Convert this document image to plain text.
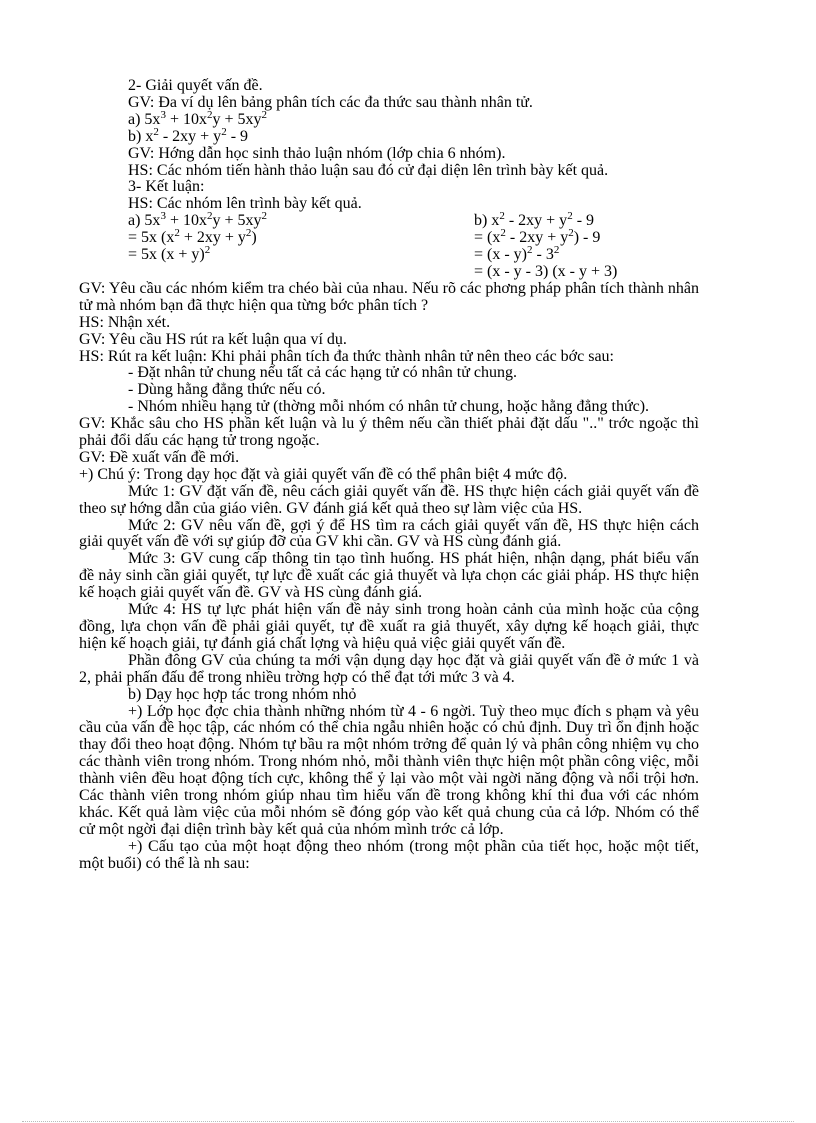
2- Giải quyết vấn đề.

GV: Đa ví dụ lên bảng phân tích các đa thức sau thành nhân tử.

a) $5x^3 + 10x^2y + 5xy^2$

b) $x^2 - 2xy + y^2 - 9$

GV: Hớng dẫn học sinh thảo luận nhóm (lớp chia 6 nhóm).

HS: Các nhóm tiến hành thảo luận sau đó cử đại diện lên trình bày kết quả.

3- Kết luận:

HS: Các nhóm lên trình bày kết quả.

a) $5x^3 + 10x^2y + 5xy^2$
= 5x $(x^2 + 2xy + y^2)$
= 5x $(x + y)^2$
b) $x^2 - 2xy + y^2 - 9$
= $(x^2 - 2xy + y^2) - 9$
= $(x - y)^2 - 3^2$
= (x - y - 3) (x - y + 3)

GV: Yêu cầu các nhóm kiểm tra chéo bài của nhau. Nếu rõ các phơng pháp phân tích thành nhân tử mà nhóm bạn đã thực hiện qua từng bớc phân tích ?

HS: Nhận xét.

GV: Yêu cầu HS rút ra kết luận qua ví dụ.

HS: Rút ra kết luận: Khi phải phân tích đa thức thành nhân tử nên theo các bớc sau:

- Đặt nhân tử chung nếu tất cả các hạng tử có nhân tử chung.

- Dùng hằng đẳng thức nếu có.

- Nhóm nhiều hạng tử (thờng mỗi nhóm có nhân tử chung, hoặc hằng đẳng thức).

GV: Khắc sâu cho HS phần kết luận và lu ý thêm nếu cần thiết phải đặt dấu ".." trớc ngoặc thì phải đổi dấu các hạng tử trong ngoặc.

GV: Đề xuất vấn đề mới.

+) Chú ý: Trong dạy học đặt và giải quyết vấn đề có thể phân biệt 4 mức độ.

Mức 1: GV đặt vấn đề, nêu cách giải quyết vấn đề. HS thực hiện cách giải quyết vấn đề theo sự hớng dẫn của giáo viên. GV đánh giá kết quả theo sự làm việc của HS.

Mức 2: GV nêu vấn đề, gợi ý để HS tìm ra cách giải quyết vấn đề, HS thực hiện cách giải quyết vấn đề với sự giúp đỡ của GV khi cần. GV và HS cùng đánh giá.

Mức 3: GV cung cấp thông tin tạo tình huống. HS phát hiện, nhận dạng, phát biểu vấn đề nảy sinh cần giải quyết, tự lực đề xuất các giả thuyết và lựa chọn các giải pháp. HS thực hiện kế hoạch giải quyết vấn đề. GV và HS cùng đánh giá.

Mức 4: HS tự lực phát hiện vấn đề nảy sinh trong hoàn cảnh của mình hoặc của cộng đồng, lựa chọn vấn đề phải giải quyết, tự đề xuất ra giả thuyết, xây dựng kế hoạch giải, thực hiện kế hoạch giải, tự đánh giá chất lợng và hiệu quả việc giải quyết vấn đề.

Phần đông GV của chúng ta mới vận dụng dạy học đặt và giải quyết vấn đề ở mức 1 và 2, phải phấn đấu để trong nhiều trờng hợp có thể đạt tới mức 3 và 4.

b) Dạy học hợp tác trong nhóm nhỏ

+) Lớp học đợc chia thành những nhóm từ 4 - 6 ngời. Tuỳ theo mục đích s phạm và yêu cầu của vấn đề học tập, các nhóm có thể chia ngẫu nhiên hoặc có chủ định. Duy trì ổn định hoặc thay đổi theo hoạt động. Nhóm tự bầu ra một nhóm trởng để quản lý và phân công nhiệm vụ cho các thành viên trong nhóm. Trong nhóm nhỏ, mỗi thành viên thực hiện một phần công việc, mỗi thành viên đều hoạt động tích cực, không thể ỷ lại vào một vài ngời năng động và nổi trội hơn. Các thành viên trong nhóm giúp nhau tìm hiểu vấn đề trong không khí thi đua với các nhóm khác. Kết quả làm việc của mỗi nhóm sẽ đóng góp vào kết quả chung của cả lớp. Nhóm có thể cử một ngời đại diện trình bày kết quả của nhóm mình trớc cả lớp.

+) Cấu tạo của một hoạt động theo nhóm (trong một phần của tiết học, hoặc một tiết, một buổi) có thể là nh sau:
